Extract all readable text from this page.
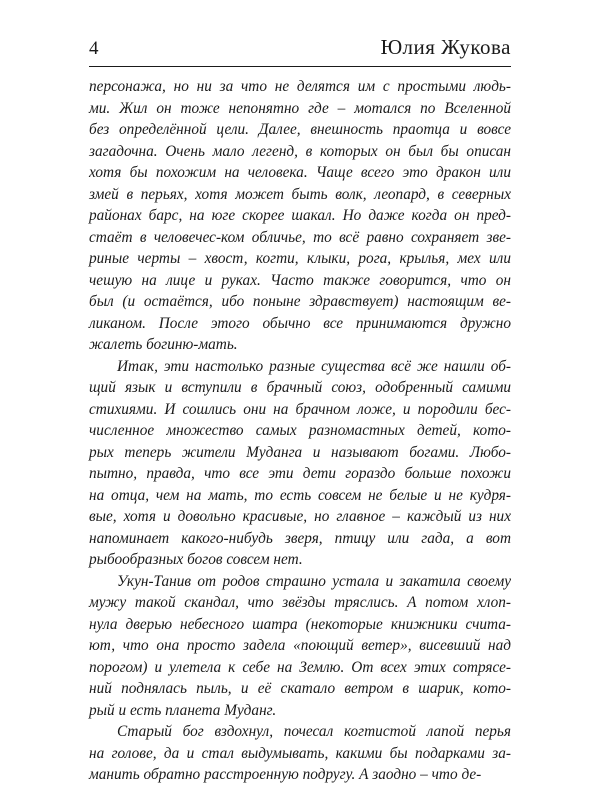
4	Юлия Жукова
персонажа, но ни за что не делятся им с простыми людь-
ми. Жил он тоже непонятно где – мотался по Вселенной
без определённой цели. Далее, внешность праотца и вовсе
загадочна. Очень мало легенд, в которых он был бы описан
хотя бы похожим на человека. Чаще всего это дракон или
змей в перьях, хотя может быть волк, леопард, в северных
районах барс, на юге скорее шакал. Но даже когда он пред-
стаёт в человечес-ком обличье, то всё равно сохраняет зве-
риные черты – хвост, когти, клыки, рога, крылья, мех или
чешую на лице и руках. Часто также говорится, что он
был (и остаётся, ибо поныне здравствует) настоящим ве-
ликаном. После этого обычно все принимаются дружно
жалеть богиню-мать.
Итак, эти настолько разные существа всё же нашли об-
щий язык и вступили в брачный союз, одобренный самими
стихиями. И сошлись они на брачном ложе, и породили бес-
численное множество самых разномастных детей, кото-
рых теперь жители Муданга и называют богами. Любо-
пытно, правда, что все эти дети гораздо больше похожи
на отца, чем на мать, то есть совсем не белые и не кудря-
вые, хотя и довольно красивые, но главное – каждый из них
напоминает какого-нибудь зверя, птицу или гада, а вот
рыбообразных богов совсем нет.
Укун-Танив от родов страшно устала и закатила своему
мужу такой скандал, что звёзды тряслись. А потом хлоп-
нула дверью небесного шатра (некоторые книжники счита-
ют, что она просто задела «поющий ветер», висевший над
порогом) и улетела к себе на Землю. От всех этих сотрясе-
ний поднялась пыль, и её скатало ветром в шарик, кото-
рый и есть планета Муданг.
Старый бог вздохнул, почесал когтистой лапой перья
на голове, да и стал выдумывать, какими бы подарками за-
манить обратно расстроенную подругу. А заодно – что де-
